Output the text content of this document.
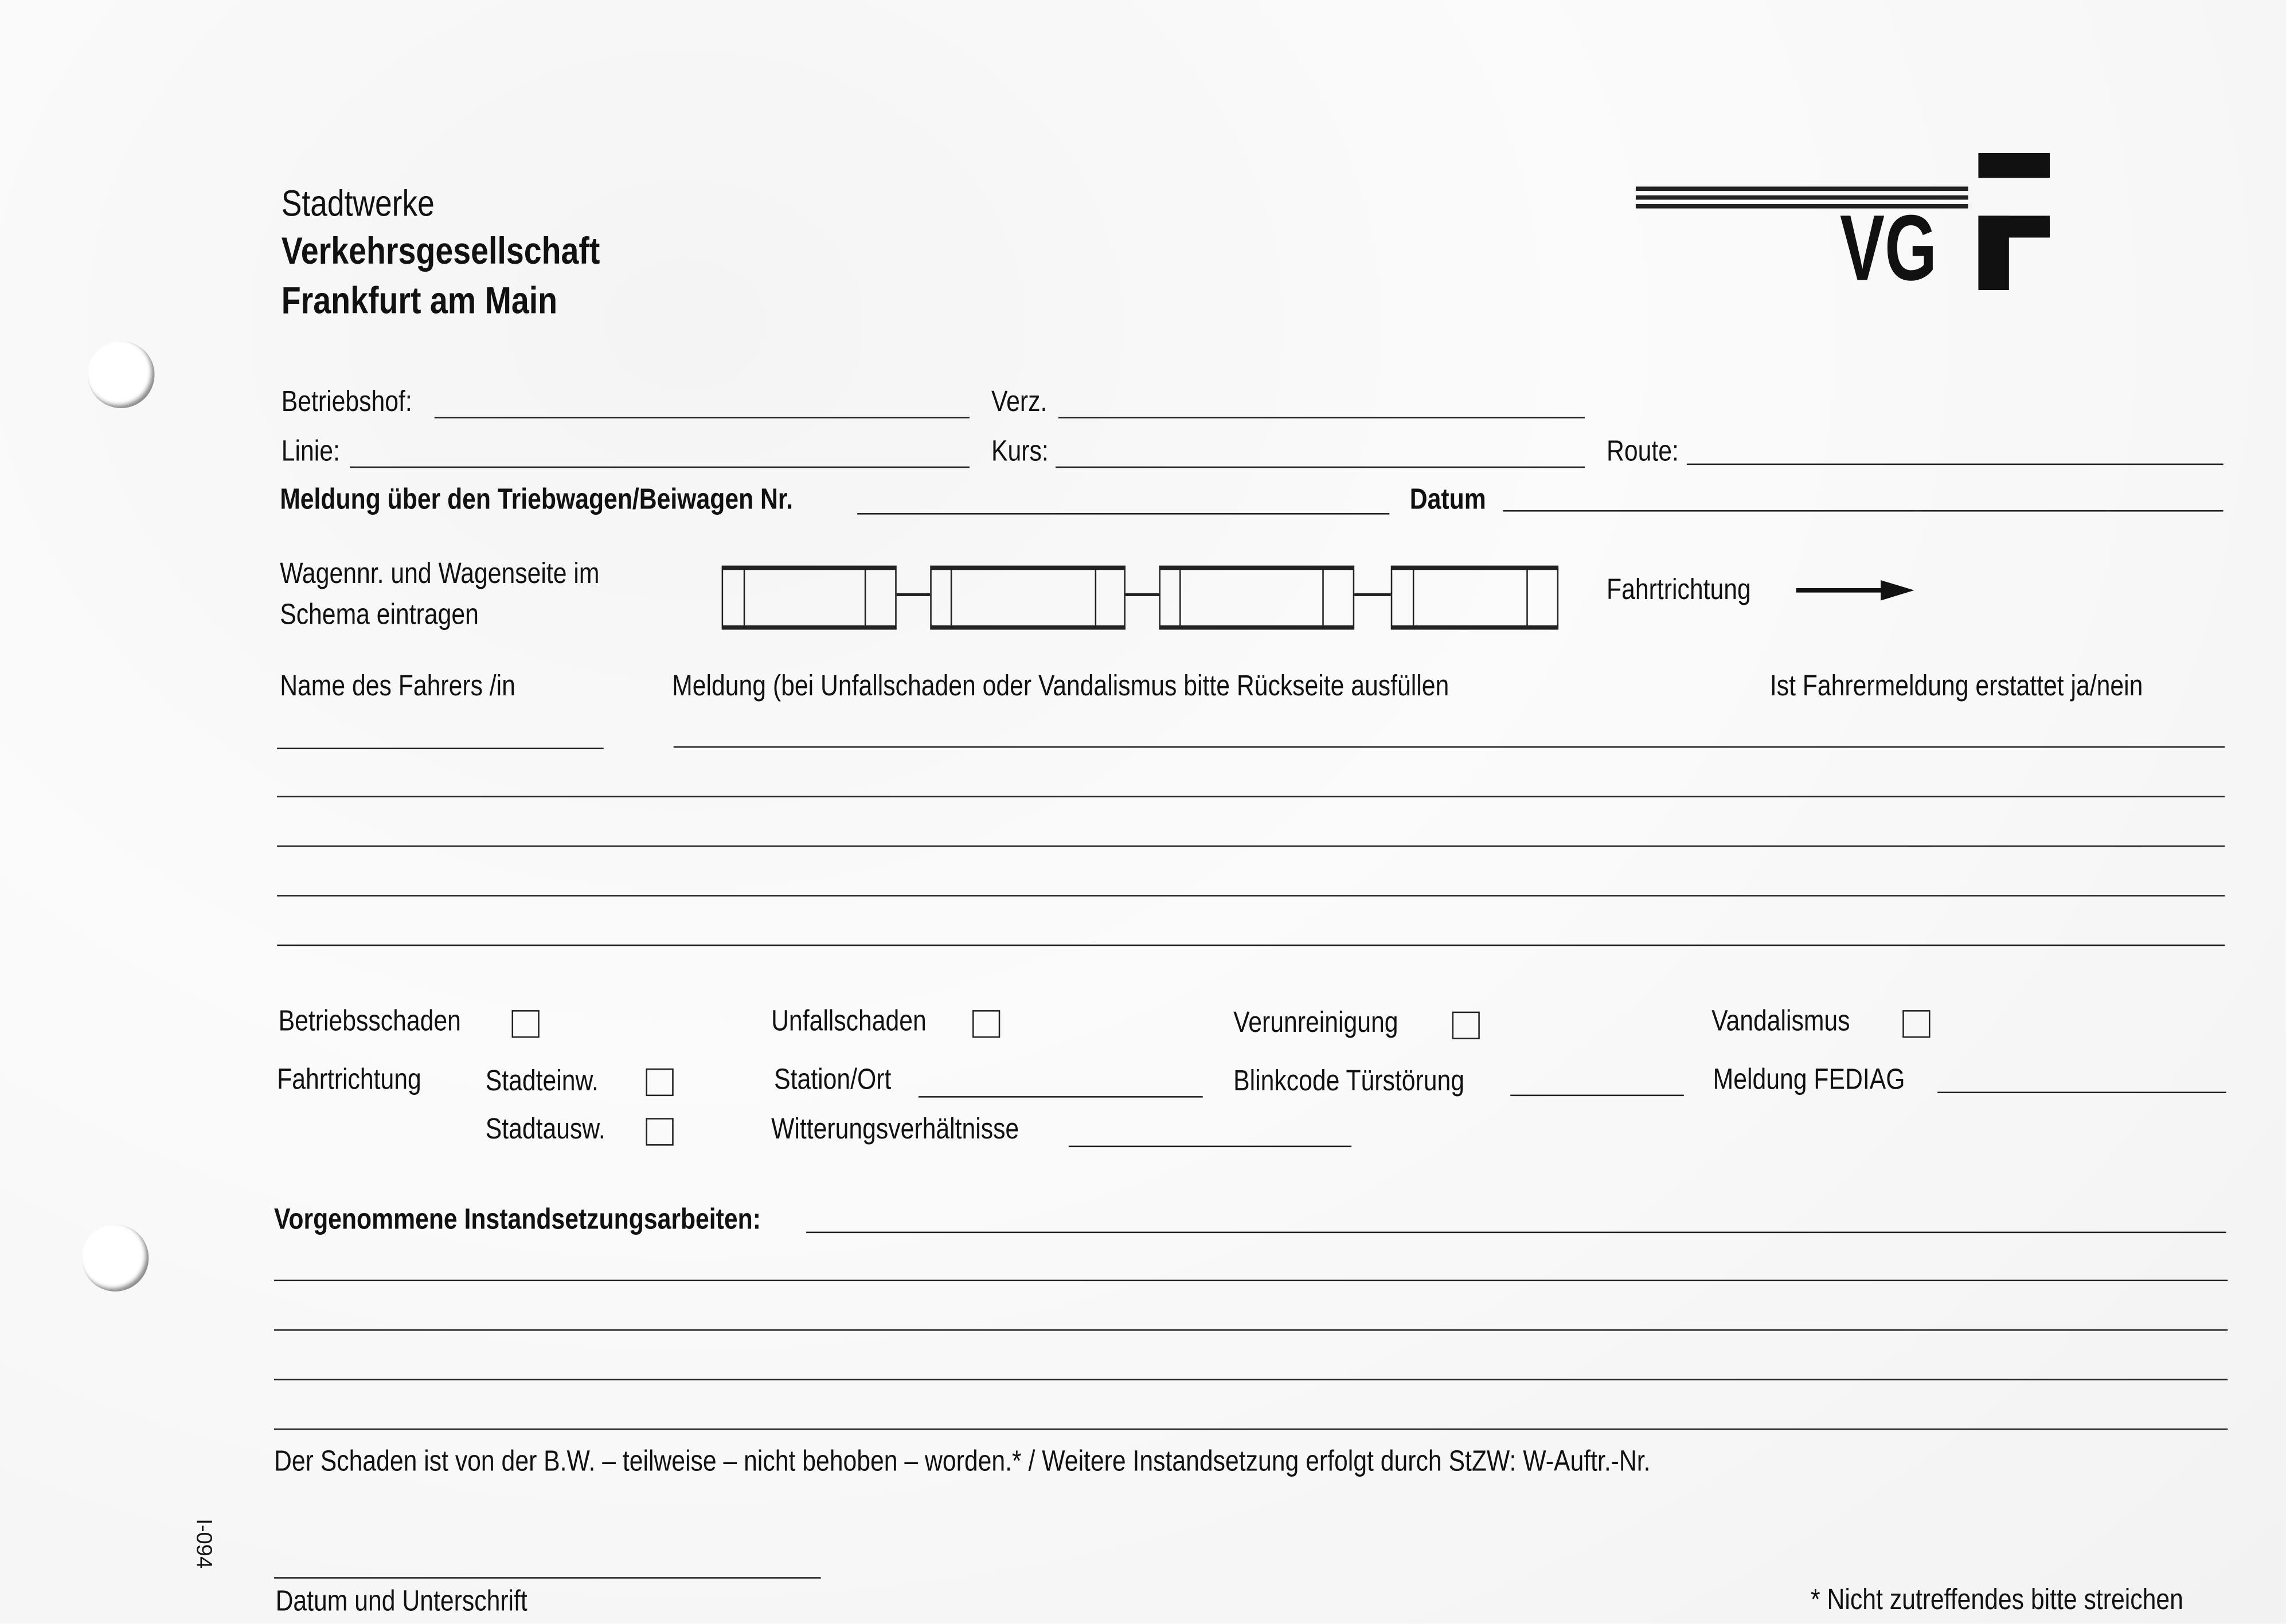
Stadtwerke
Verkehrsgesellschaft
Frankfurt am Main	VG
Betriebshof:	Verz.
Linie:	Kurs:	Route:
Meldung über den Triebwagen/Beiwagen Nr.	Datum
Wagennr. und Wagenseite im
Schema eintragen
Fahrtrichtung
Name des Fahrers /in	Meldung (bei Unfallschaden oder Vandalismus bitte Rückseite ausfüllen	Ist Fahrermeldung erstattet ja/nein
Betriebsschaden	Unfallschaden	Verunreinigung	Vandalismus
Fahrtrichtung	Stadteinw.	Station/Ort	Blinkcode Türstörung	Meldung FEDIAG
Stadtausw.	Witterungsverhältnisse
Vorgenommene Instandsetzungsarbeiten:
Der Schaden ist von der B.W. – teilweise – nicht behoben – worden.* / Weitere Instandsetzung erfolgt durch StZW: W-Auftr.-Nr.
I-094
Datum und Unterschrift	* Nicht zutreffendes bitte streichen
